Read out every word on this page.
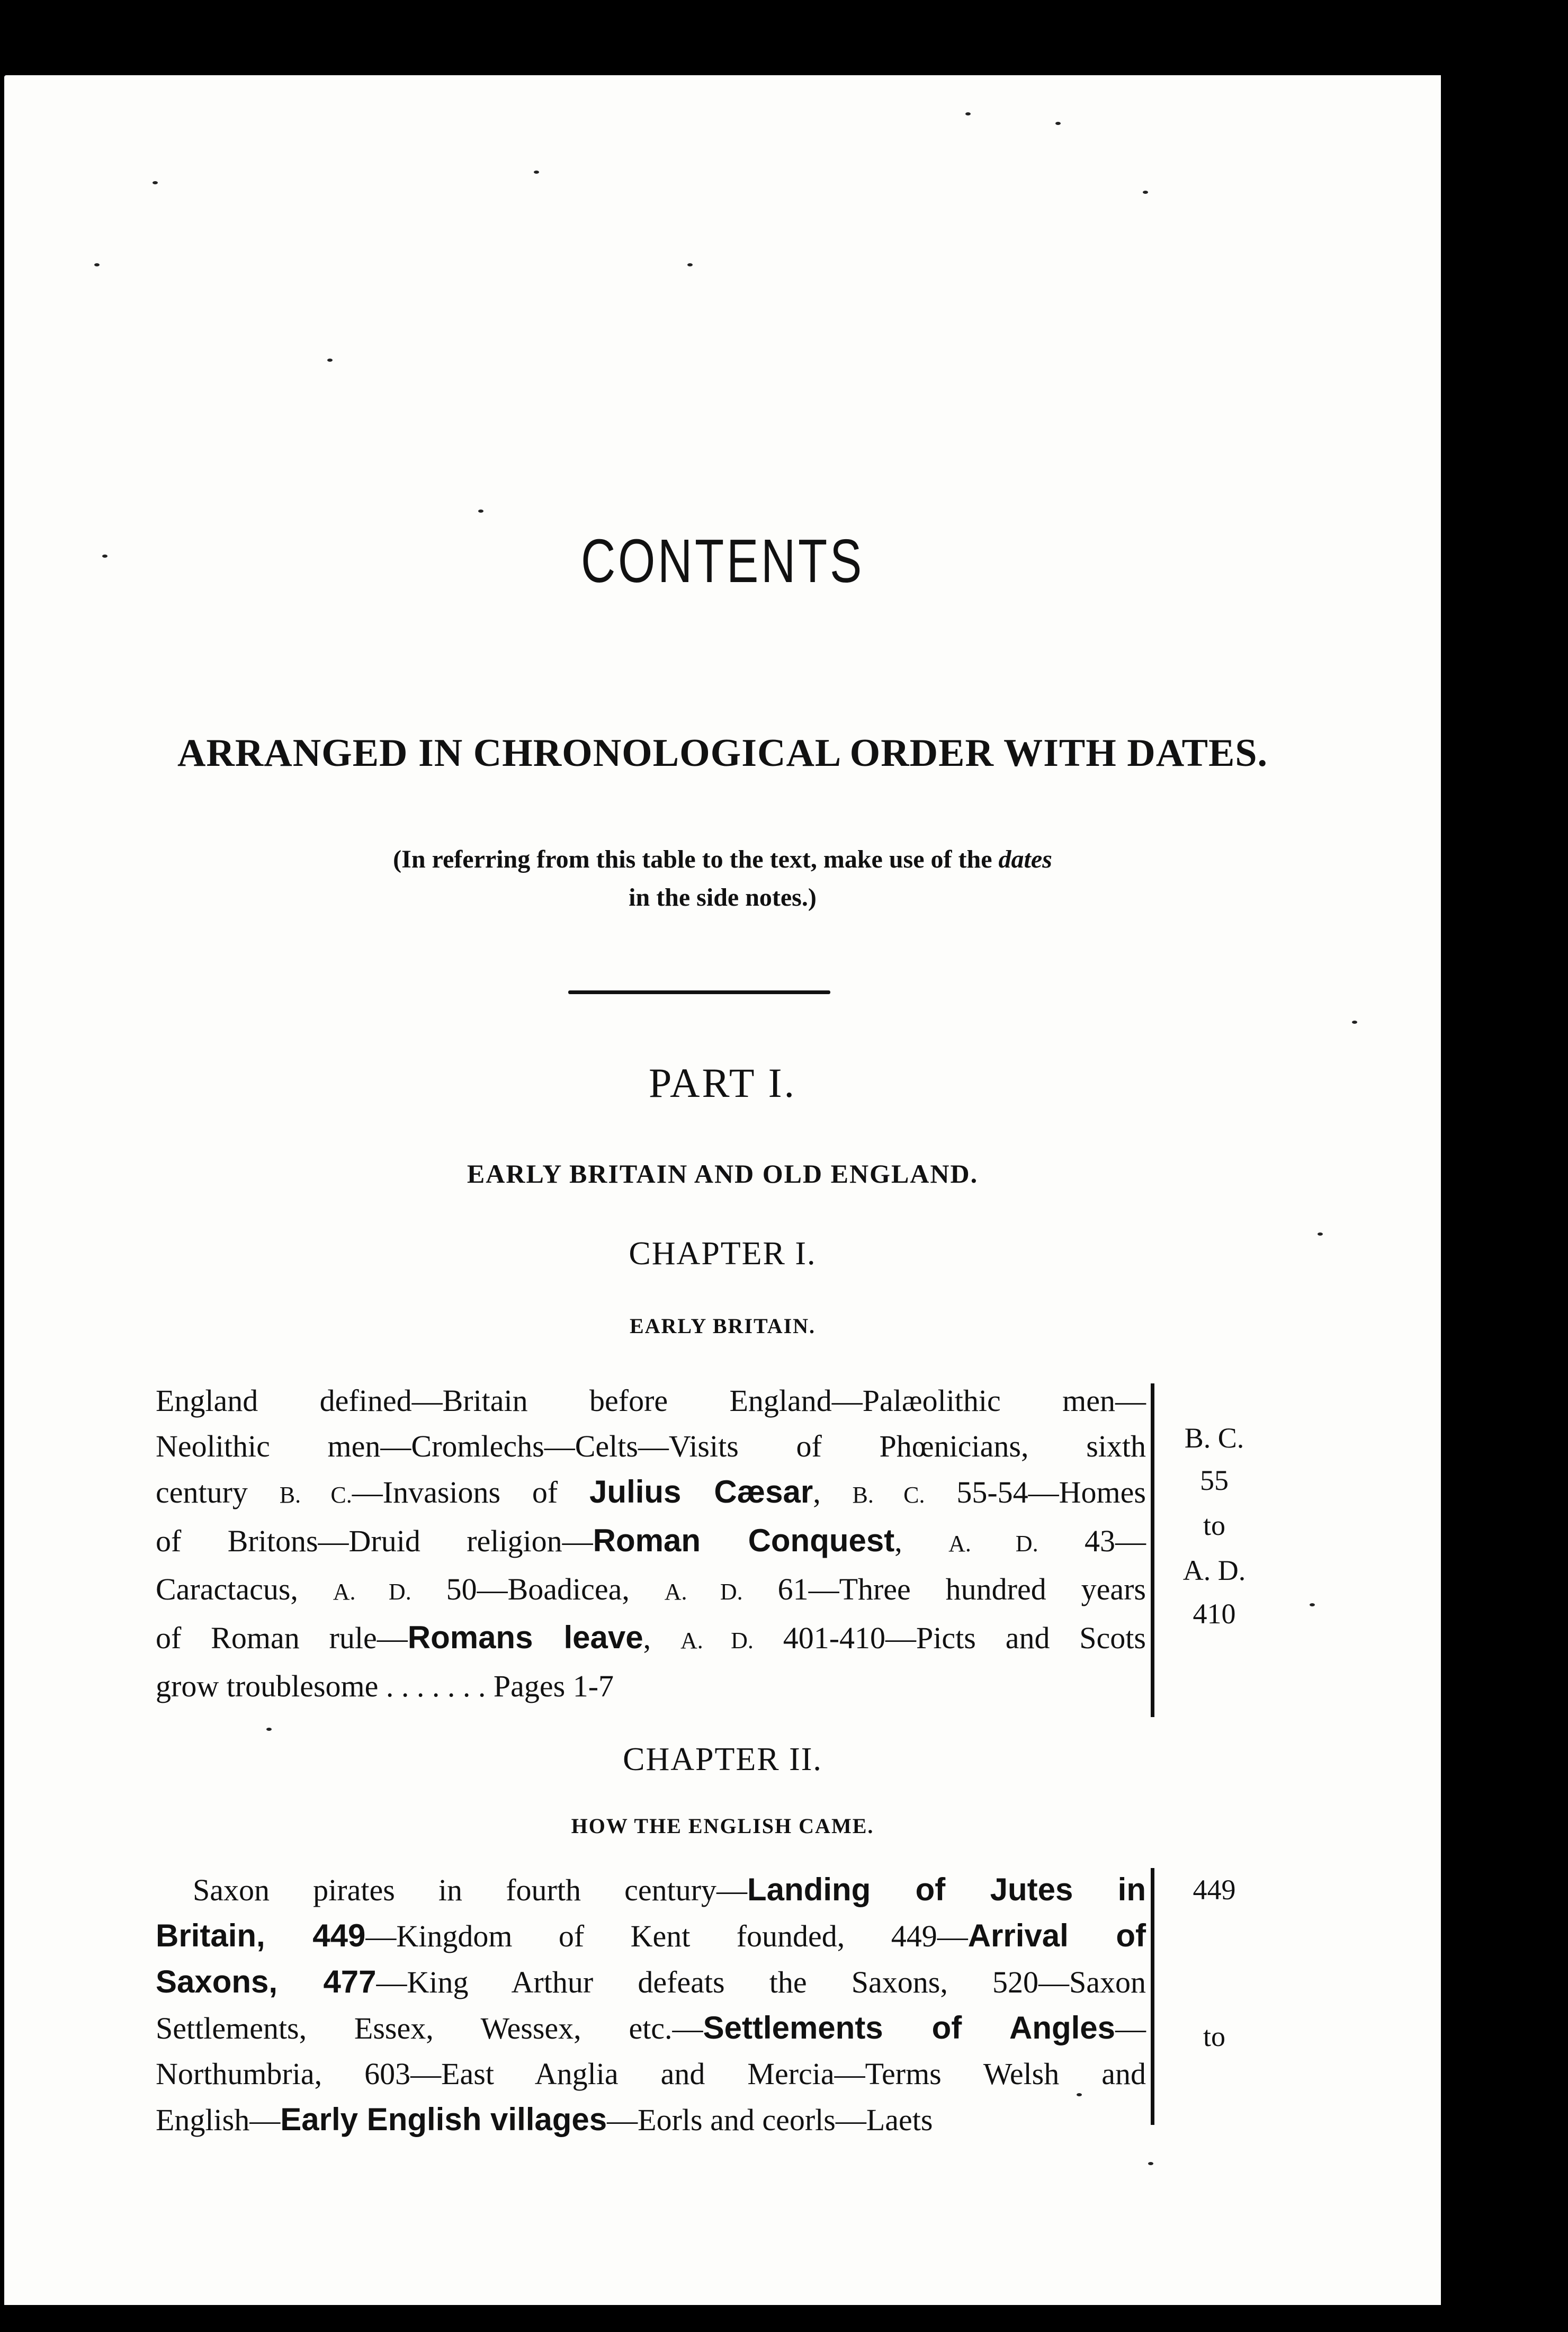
CONTENTS
ARRANGED IN CHRONOLOGICAL ORDER WITH DATES.
(In referring from this table to the text, make use of the dates
in the side notes.)
PART I.
EARLY BRITAIN AND OLD ENGLAND.
CHAPTER I.
EARLY BRITAIN.
England defined—Britain before England—Palæolithic men—
Neolithic men—Cromlechs—Celts—Visits of Phœnicians, sixth
century B. C.—Invasions of Julius Cæsar, B. C. 55-54—Homes
of Britons—Druid religion—Roman Conquest, A. D. 43—
Caractacus, A. D. 50—Boadicea, A. D. 61—Three hundred years
of Roman rule—Romans leave, A. D. 401-410—Picts and Scots
grow troublesome . . . . . . . Pages 1-7
B. C.
55
to
A. D.
410
CHAPTER II.
HOW THE ENGLISH CAME.
Saxon pirates in fourth century—Landing of Jutes in
Britain, 449—Kingdom of Kent founded, 449—Arrival of
Saxons, 477—King Arthur defeats the Saxons, 520—Saxon
Settlements, Essex, Wessex, etc.—Settlements of Angles—
Northumbria, 603—East Anglia and Mercia—Terms Welsh and
English—Early English villages—Eorls and ceorls—Laets
449
to
